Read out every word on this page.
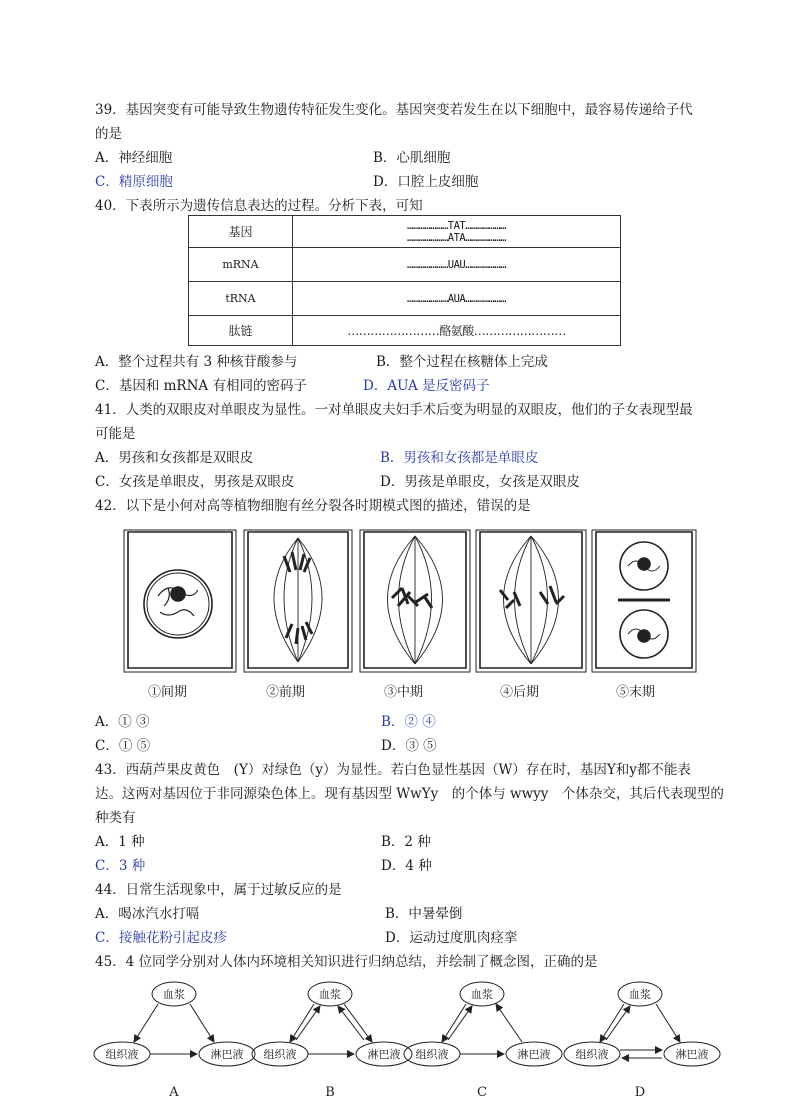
39．基因突变有可能导致生物遗传特征发生变化。基因突变若发生在以下细胞中，最容易传递给子代
的是
A．神经细胞	B．心肌细胞
C．精原细胞	D．口腔上皮细胞
40．下表所示为遗传信息表达的过程。分析下表，可知
基因	…………………TAT…………………
…………………ATA…………………

mRNA	…………………UAU…………………
tRNA	…………………AUA…………………
肽链	……………………酪氨酸……………………
A．整个过程共有 3 种核苷酸参与	B．整个过程在核糖体上完成
C．基因和 mRNA 有相同的密码子	D．AUA 是反密码子
41．人类的双眼皮对单眼皮为显性。一对单眼皮夫妇手术后变为明显的双眼皮，他们的子女表现型最
可能是
A．男孩和女孩都是双眼皮	B．男孩和女孩都是单眼皮
C．女孩是单眼皮，男孩是双眼皮	D．男孩是单眼皮，女孩是双眼皮
42．以下是小何对高等植物细胞有丝分裂各时期模式图的描述，错误的是
①间期	②前期	③中期	④后期	⑤末期
A．① ③	B．② ④
C．① ⑤	D．③ ⑤
43．西葫芦果皮黄色　(Y）对绿色（y）为显性。若白色显性基因（W）存在时，基因Y和y都不能表
达。这两对基因位于非同源染色体上。现有基因型 WwYy　的个体与 wwyy　个体杂交，其后代表现型的
种类有
A．1 种	B．2 种
C．3 种	D．4 种
44．日常生活现象中，属于过敏反应的是
A．喝冰汽水打嗝	B．中暑晕倒
C．接触花粉引起皮疹	D．运动过度肌肉痉挛
45．4 位同学分别对人体内环境相关知识进行归纳总结，并绘制了概念图，正确的是
血浆
组织液	淋巴液
A
血浆
组织液	淋巴液
B
血浆
组织液	淋巴液
C
血浆
组织液	淋巴液
D
